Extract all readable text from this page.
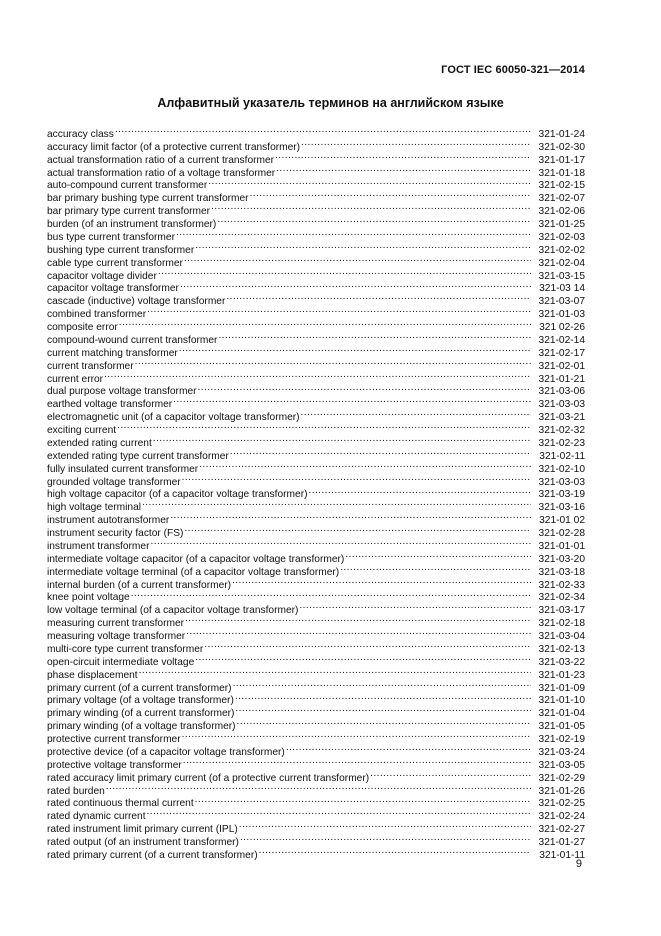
ГОСТ IEC 60050-321—2014
Алфавитный указатель терминов на английском языке
accuracy class .....	321-01-24
accuracy limit factor (of a protective current transformer) .....	321-02-30
actual transformation ratio of a current transformer .....	321-01-17
actual transformation ratio of a voltage transformer .....	321-01-18
auto-compound current transformer .....	321-02-15
bar primary bushing type current transformer .....	321-02-07
bar primary type current transformer .....	321-02-06
burden (of an instrument transformer) .....	321-01-25
bus type current transformer .....	321-02-03
bushing type current transformer .....	321-02-02
cable type current transformer .....	321-02-04
capacitor voltage divider .....	321-03-15
capacitor voltage transformer .....	321-03 14
cascade (inductive) voltage transformer .....	321-03-07
combined transformer .....	321-01-03
composite error .....	321 02-26
compound-wound current transformer .....	321-02-14
current matching transformer .....	321-02-17
current transformer .....	321-02-01
current error .....	321-01-21
dual purpose voltage transformer .....	321-03-06
earthed voltage transformer .....	321-03-03
electromagnetic unit (of a capacitor voltage transformer) .....	321-03-21
exciting current .....	321-02-32
extended rating current .....	321-02-23
extended rating type current transformer .....	321-02-11
fully insulated current transformer .....	321-02-10
grounded voltage transformer .....	321-03-03
high voltage capacitor (of a capacitor voltage transformer) .....	321-03-19
high voltage terminal .....	321-03-16
instrument autotransformer .....	321-01 02
instrument security factor (FS) .....	321-02-28
instrument transformer .....	321-01-01
intermediate voltage capacitor (of a capacitor voltage transformer) .....	321-03-20
intermediate voltage terminal (of a capacitor voltage transformer) .....	321-03-18
internal burden (of a current transformer) .....	321-02-33
knee point voltage .....	321-02-34
low voltage terminal (of a capacitor voltage transformer) .....	321-03-17
measuring current transformer .....	321-02-18
measuring voltage transformer .....	321-03-04
multi-core type current transformer .....	321-02-13
open-circuit intermediate voltage .....	321-03-22
phase displacement .....	321-01-23
primary current (of a current transformer) .....	321-01-09
primary voltage (of a voltage transformer) .....	321-01-10
primary winding (of a current transformer) .....	321-01-04
primary winding (of a voltage transformer) .....	321-01-05
protective current transformer .....	321-02-19
protective device (of a capacitor voltage transformer) .....	321-03-24
protective voltage transformer .....	321-03-05
rated accuracy limit primary current (of a protective current transformer) .....	321-02-29
rated burden .....	321-01-26
rated continuous thermal current .....	321-02-25
rated dynamic current .....	321-02-24
rated instrument limit primary current (IPL) .....	321-02-27
rated output (of an instrument transformer) .....	321-01-27
rated primary current (of a current transformer) .....	321-01-11
9
